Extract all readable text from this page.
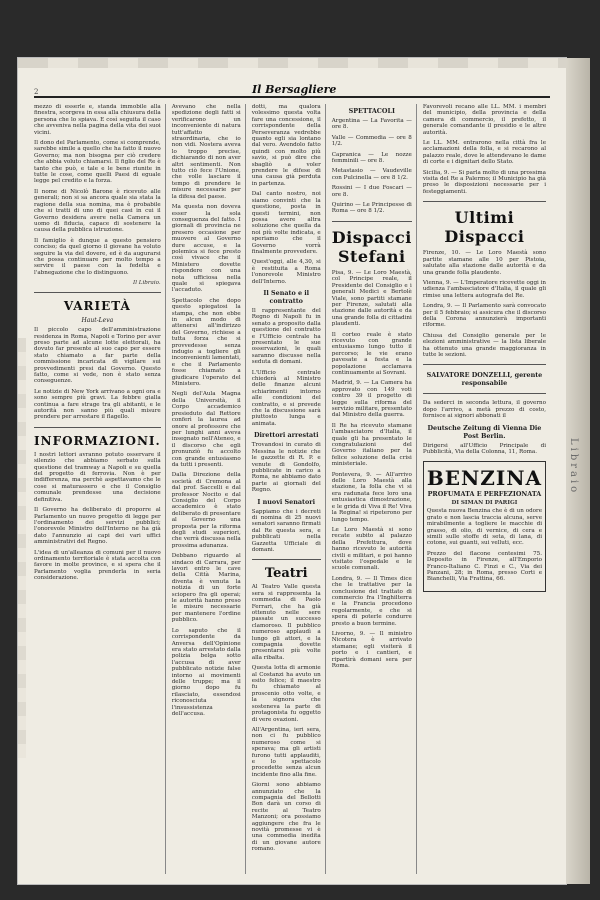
2	Il Bersagliere

mezzo di esserle e, standa immobile alla finestra, scorgeva in essa alla chiusura della persona che lo spiava. E così seguita il caso che avveniva nella pagina della vita dei suoi vicini.

Il dono del Parlamento, come si comprende, sarebbe simile a quello che ha fatto il nuovo Governo; ma non bisogna per ciò credere che abbia voluto chiamarsi. Il figlio del Re è tanto che può, e tale e le bene riunite in tutte le cose, come quelli Paesi di eguale legge pel credito e la forza.

Il nome di Nicolò Barone è ricevuto alle generali; non si sa ancora quale sia stata la ragione della sua nomina, ma è probabile che si tratti di uno di quei casi in cui il Governo desidera avere nella Camera un uomo di fiducia, capace di sostenere la causa della pubblica istruzione.

Il famiglio è dunque a questo pensiero conciso; da quel giorno il giovane ha voluto seguire la via del dovere, ed è da augurarsi che possa continuare per molto tempo a servire il paese con la fedeltà e l'abnegazione che lo distinguono.

Il Libraio.
VARIETÀ
Haut-Leva

Il piccolo capo dell'amministrazione residenza in Roma, Napoli e Torino per aver preso parte ad alcune lotte elettorali, ha dovuto far presente al suo capo per essere stato chiamato a far parte della commissione incaricata di vigilare sui provvedimenti presi dal Governo. Questo fatto, come si vede, non è stato senza conseguenze.

Le notizie di New York arrivano a ogni ora e sono sempre più gravi. La febbre gialla continua a fare strage tra gli abitanti, e le autorità non sanno più quali misure prendere per arrestare il flagello.

INFORMAZIONI.

I nostri lettori avranno potuto osservare il silenzio che abbiamo serbato sulla questione del tramway a Napoli e su quella del progetto di ferrovia. Non è per indifferenza, ma perchè aspettavamo che le cose si maturassero e che il Consiglio comunale prendesse una decisione definitiva.

Il Governo ha deliberato di proporre al Parlamento un nuovo progetto di legge per l'ordinamento dei servizi pubblici; l'onorevole Ministro dell'Interno ne ha già dato l'annunzio ai capi dei vari uffici amministrativi del Regno.

L'idea di un'alleanza di comuni per il nuovo ordinamento territoriale è stata accolta con favore in molte province, e si spera che il Parlamento voglia prenderla in seria considerazione.

Avevano che nella spedizione degli fatti si verificarono un inconveniente di natura tutt'affatto straordinaria, che io non vidi. Nostera aveva lo troppo precise, dichiarando di non aver altri sentimenti. Non tutto ciò fece l'Unione, che volle lasciare il tempo di prendere le misure necessarie per la difesa del paese.

Ma questa non doveva esser la sola conseguenza del fatto. I giornali di provincia ne presero occasione per muovere al Governo dure accuse, e la polemica si fece presto così vivace che il Ministero dovette rispondere con una nota ufficiosa nella quale si spiegava l'accaduto.

Spettacolo che dopo questo spiegatosi la stampa, che non ebbe in alcun modo di attenersi all'indirizzo del Governo, richiese a tutta forza che si provvedesse senza indugio a togliere gli inconvenienti lamentati, e che il Parlamento fosse chiamato a giudicare l'operato del Ministero.

Negli del'Aula Magna della Università, il Corpo accademico presieduto dal Rettore conferì la laurea ad onore al professore che per lunghi anni aveva insegnato nell'Ateneo, e il discorso che egli pronunziò fu accolto con grande entusiasmo da tutti i presenti.

Dalla Direzione della società di Cremona al dal prof. Saccelli e dal professor Nocito e dal Consiglio del Corpo accademico è stato deliberato di presentare al Governo una proposta per la riforma degli studi superiori, che verrà discussa nella prossima adunanza.

Debbano riguardo al sindaco di Carrara, per lavori entro le cave della Città Marina, diventa è venuta la notizia di un forte sciopero fra gli operai; le autorità hanno preso le misure necessarie per mantenere l'ordine pubblico.

Lo saputo che il corrispondente da Anversa dell'Opinione era stato arrestato dalla polizia belga sotto l'accusa di aver pubblicato notizie false intorno ai movimenti delle truppe; ma il giorno dopo fu rilasciato, essendosi riconosciuta l'insussistenza dell'accusa.

dotti, ma qualora volessimo questa volta fare una concessione, il corrispondente della Perseveranza vedrebbe quanto egli sia lontano dal vero. Avendolo fatto quindi con molto più savio, si può dire che sbagliò a voler prendere le difese di una causa già perduta in partenza.

Dal canto nostro, noi siamo convinti che la questione, posta in questi termini, non possa avere altra soluzione che quella da noi più volte indicata, e speriamo che il Governo vorrà finalmente provvedere.

Quest'oggi, alle 4,30, si è restituita a Roma l'onorevole Ministro dell'Interno.

Il Senato e il contratto

Il rappresentante del Regno di Napoli fu in senato a proposito dalla questione del contratto e l'Ufficio centrale ha presentato le sue osservazioni, le quali saranno discusse nella seduta di domani.

L'Ufficio centrale chiederà al Ministro delle finanze alcuni schiarimenti intorno alle condizioni del contratto, e si prevede che la discussione sarà piuttosto lunga e animata.

Direttori arrestati

Trovandosi in curato di Messina le notizie che le gazzette di R. P. e venute di Gondolfo, pubblicate in carico a Roma, ne abbiamo dato parte ai giornali del Regno.

I nuovi Senatori

Sappiamo che i decreti di nomina di 25 nuovi senatori saranno firmati dal Re questa sera, e pubblicati nella Gazzetta Ufficiale di domani.

Teatri

Al Teatro Valle questa sera si rappresenta la commedia di Paolo Ferrari, che ha già ottenuto nelle sere passate un successo clamoroso. Il pubblico numeroso applaudì a lungo gli attori, e la compagnia dovette presentarsi più volte alla ribalta.

Questa lotta di armonie al Costanzi ha avuto un esito felice; il maestro fu chiamato al proscenio otto volte, e la signora che sosteneva la parte di protagonista fu oggetto di vere ovazioni.

All'Argentina, ieri sera, non ci fu pubblico numeroso come si sperava; ma gli artisti furono tutti applauditi, e lo spettacolo procedette senza alcun incidente fino alla fine.

Giorni sono abbiamo annunziato che la compagnia del Bellotti Bon darà un corso di recite al Teatro Manzoni; ora possiamo aggiungere che fra le novità promesse vi è una commedia inedita di un giovane autore romano.

SPETTACOLI

Argentina — La Favorita — ore 8.

Valle — Commedia — ore 8 1/2.

Capranica — Le nozze femminili — ore 8.

Metastasio — Vaudeville con Pulcinella — ore 8 1/2.

Rossini — I due Foscari — ore 8.

Quirino — Le Principesse di Roma — ore 8 1/2.

Dispacci Stefani

Pisa, 9. — Le Loro Maestà, col Principe reale, il Presidente del Consiglio e i generali Medici e Bertolè Viale, sono partiti stamane per Firenze, salutati alla stazione dalle autorità e da una grande folla di cittadini plaudenti.

Il corteo reale è stato ricevuto con grande entusiasmo lungo tutto il percorso; le vie erano pavesate a festa e la popolazione acclamava continuamente ai Sovrani.

Madrid, 9. — La Camera ha approvato con 149 voti contro 39 il progetto di legge sulla riforma del servizio militare, presentato dal Ministro della guerra.

Il Re ha ricevuto stamane l'ambasciatore d'Italia, il quale gli ha presentato le congratulazioni del Governo italiano per la felice soluzione della crisi ministeriale.

Pontevera, 9. — All'arrivo delle Loro Maestà alla stazione, la folla che vi si era radunata fece loro una entusiastica dimostrazione, e le grida di Viva il Re! Viva la Regina! si ripeterono per lungo tempo.

Le Loro Maestà si sono recate subito al palazzo della Prefettura, dove hanno ricevuto le autorità civili e militari, e poi hanno visitato l'ospedale e le scuole comunali.

Londra, 9. — Il Times dice che le trattative per la conclusione del trattato di commercio fra l'Inghilterra e la Francia procedono regolarmente, e che si spera di poterle condurre presto a buon termine.

Livorno, 9. — Il ministro Nicotera è arrivato stamane; egli visiterà il porto e i cantieri, e ripartirà domani sera per Roma.

Favorevoli recano alle LL. MM. i membri del municipio, della provincia e della camera di commercio, il prefetto, il generale comandante il presidio e le altre autorità.

Le LL. MM. entrarono nella città fra le acclamazioni della folla, e si recarono al palazzo reale, dove le attendevano le dame di corte e i dignitari dello Stato.

Sicilia, 9. — Si parla molto di una prossima visita del Re a Palermo; il Municipio ha già preso le disposizioni necessarie per i festeggiamenti.

Ultimi Dispacci

Firenze, 10. — Le Loro Maestà sono partite stamane alle 10 per Pistoia, salutate alla stazione dalle autorità e da una grande folla plaudente.

Vienna, 9. — L'Imperatore ricevette oggi in udienza l'ambasciatore d'Italia, il quale gli rimise una lettera autografa del Re.

Londra, 9. — Il Parlamento sarà convocato per il 5 febbraio; si assicura che il discorso della Corona annunzierà importanti riforme.

Chiusa del Consiglio generale per le elezioni amministrative — la lista liberale ha ottenuto una grande maggioranza in tutte le sezioni.

SALVATORE DONZELLI, gerente responsabile

Da sederci in seconda lettura, il governo dopo l'arrivo, a metà prezzo di costo, fornisce ai signori abbonati il

Deutsche Zeitung di Vienna Die Post Berlin.

Dirigersi all'Ufficio Principale di Pubblicità, Via della Colonna, 11, Roma.

BENZINA
PROFUMATA E PERFEZIONATA
DI SIMAN DI PARIGI

Questa nuova Benzina che è di un odore grato e non lascia traccia alcuna, serve mirabilmente a togliere le macchie di grasso, di olio, di vernice, di cera e simili sulle stoffe di seta, di lana, di cotone, sui guanti, sui velluti, ecc.

Prezzo del flacone centesimi 75. Deposito in Firenze, all'Emporio Franco-Italiano C. Finzi e C., Via dei Panzani, 28; in Roma, presso Corti e Bianchelli, Via Frattina, 66.

Libraio
